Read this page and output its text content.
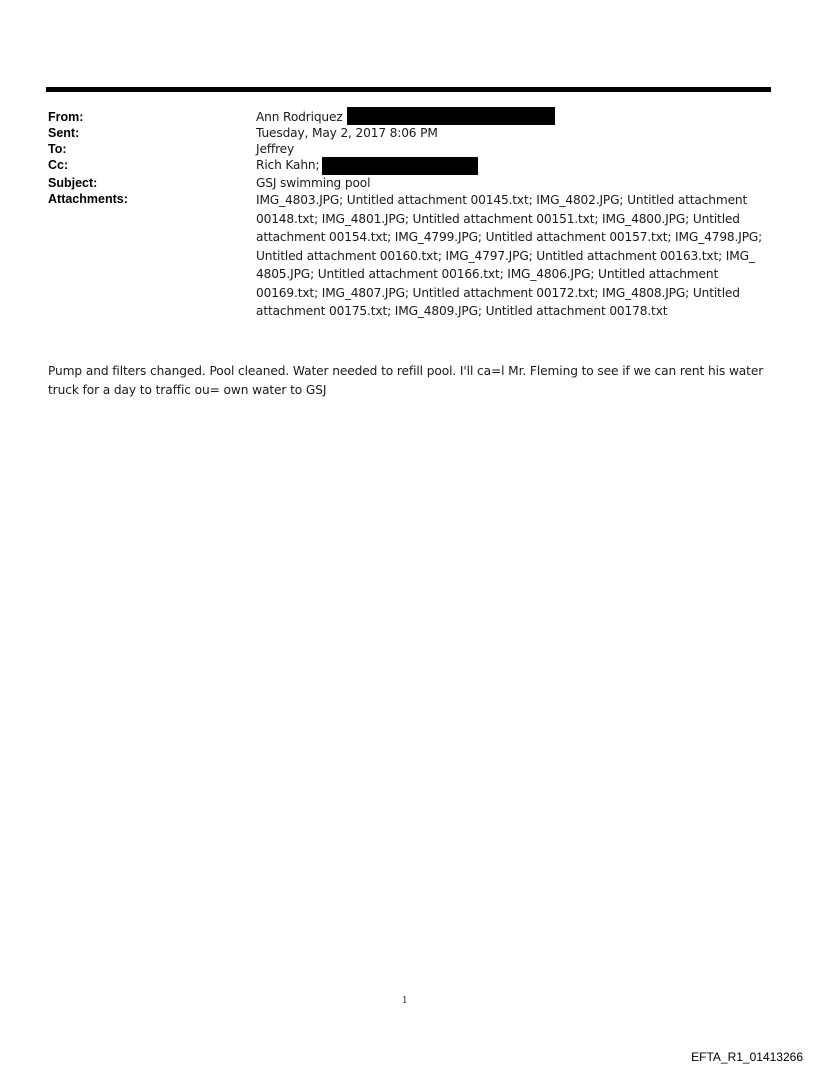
From:	Ann Rodriquez
Sent:	Tuesday, May 2, 2017 8:06 PM
To:	Jeffrey
Cc:	Rich Kahn;
Subject:	GSJ swimming pool
Attachments:	IMG_4803.JPG; Untitled attachment 00145.txt; IMG_4802.JPG; Untitled attachment 00148.txt; IMG_4801.JPG; Untitled attachment 00151.txt; IMG_4800.JPG; Untitled attachment 00154.txt; IMG_4799.JPG; Untitled attachment 00157.txt; IMG_4798.JPG; Untitled attachment 00160.txt; IMG_4797.JPG; Untitled attachment 00163.txt; IMG_ 4805.JPG; Untitled attachment 00166.txt; IMG_4806.JPG; Untitled attachment 00169.txt; IMG_4807.JPG; Untitled attachment 00172.txt; IMG_4808.JPG; Untitled attachment 00175.txt; IMG_4809.JPG; Untitled attachment 00178.txt
Pump and filters changed. Pool cleaned. Water needed to refill pool. I'll ca=l Mr. Fleming to see if we can rent his water truck for a day to traffic ou= own water to GSJ
1
EFTA_R1_01413266
